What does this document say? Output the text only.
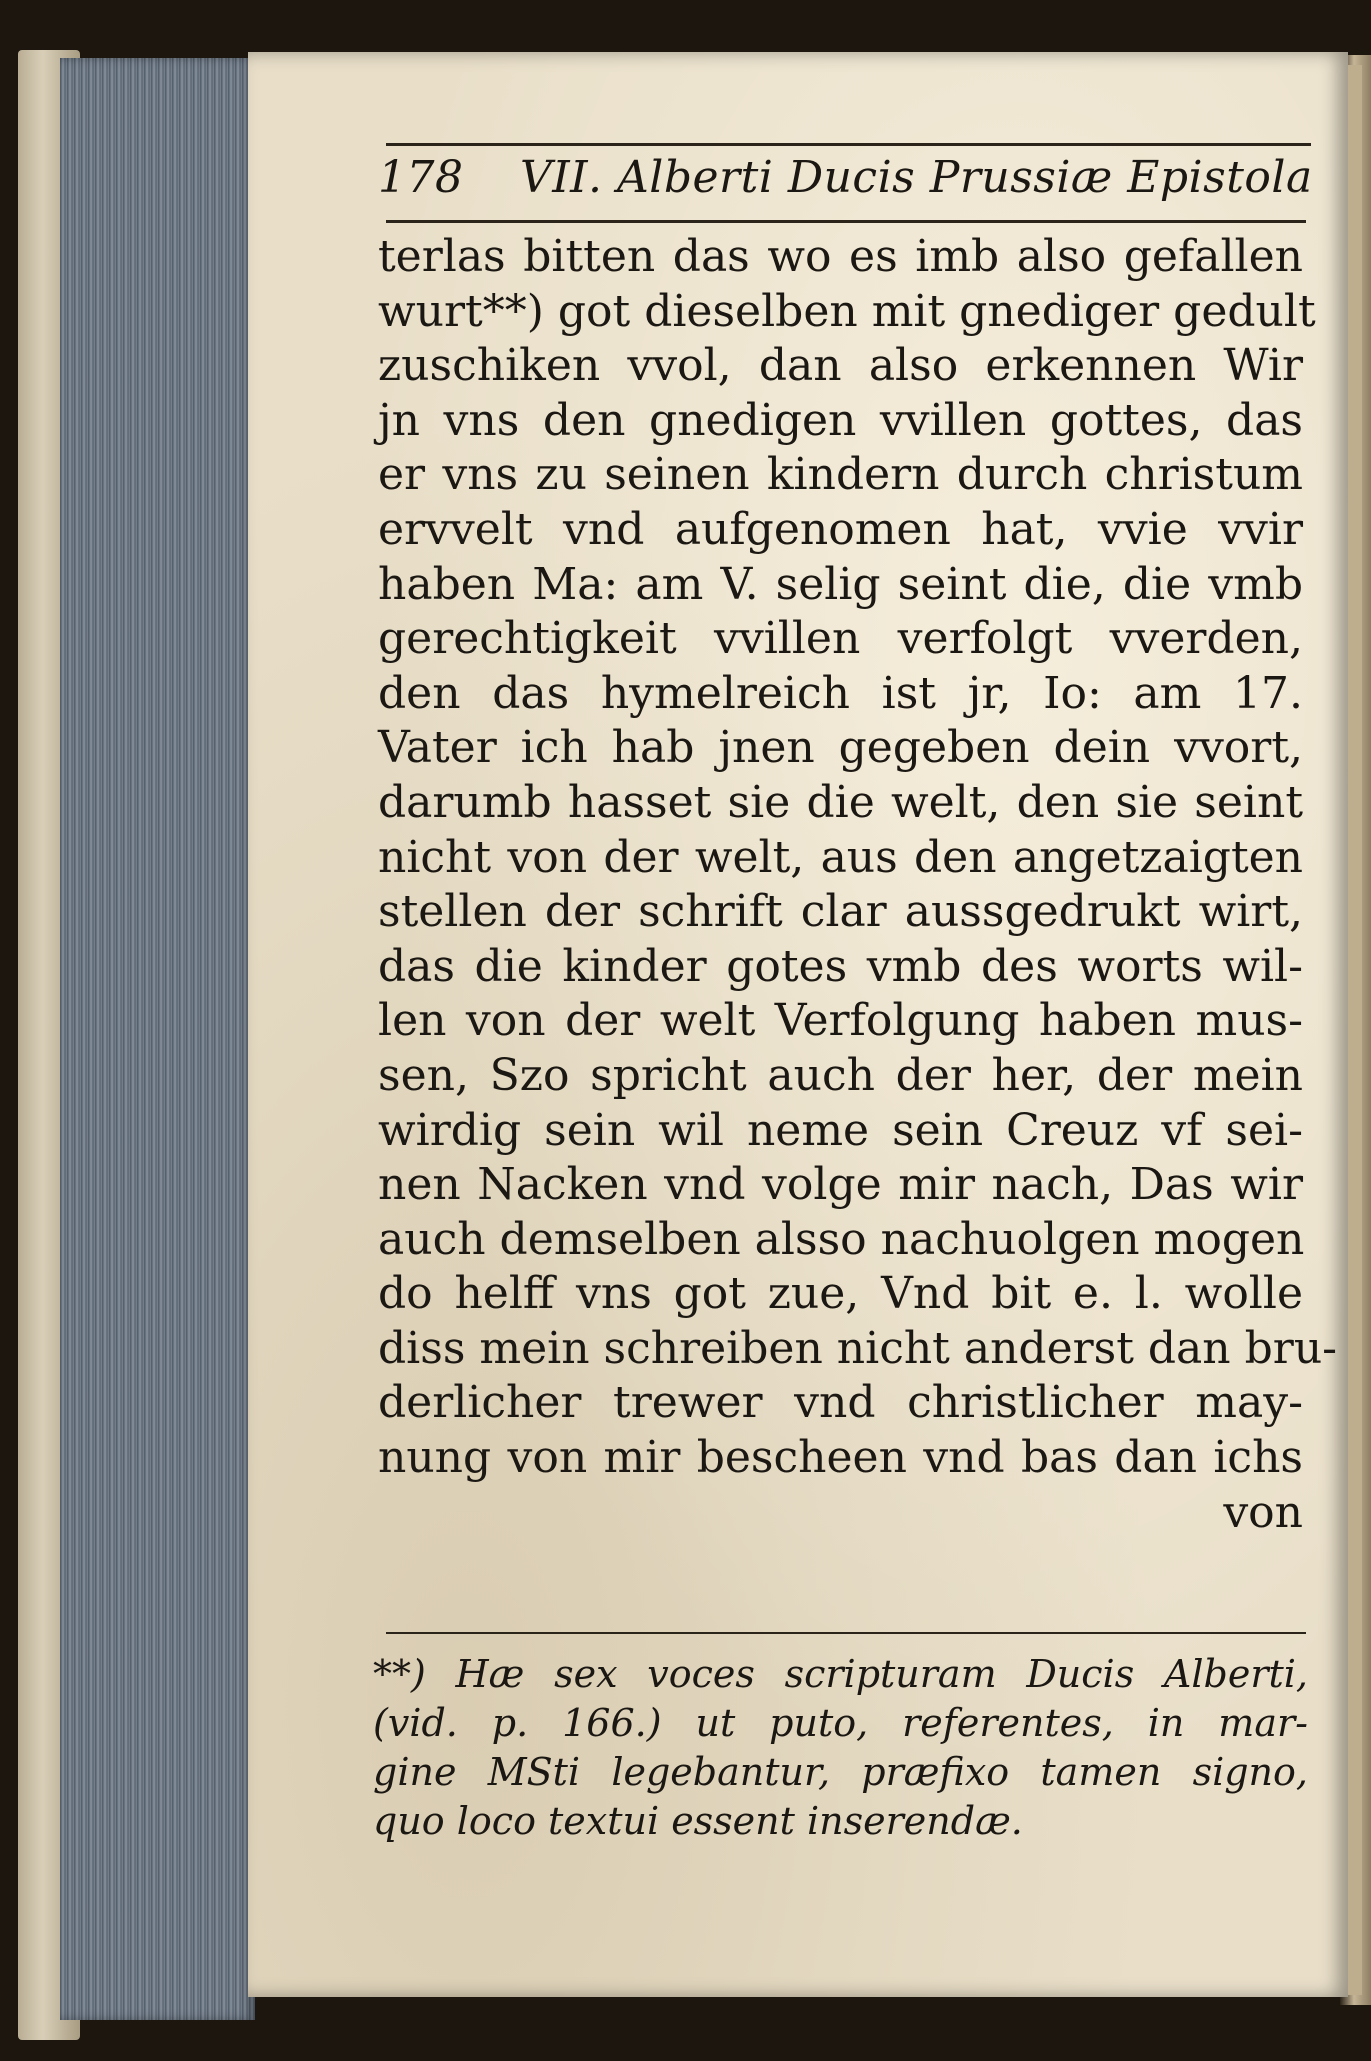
178 VII. Alberti Ducis Prussiæ Epistola
terlas bitten das wo es imb also gefallen
wurt**) got dieselben mit gnediger gedult
zuschiken vvol, dan also erkennen Wir
jn vns den gnedigen vvillen gottes, das
er vns zu seinen kindern durch christum
ervvelt vnd aufgenomen hat, vvie vvir
haben Ma: am V. selig seint die, die vmb
gerechtigkeit vvillen verfolgt vverden,
den das hymelreich ist jr, Io: am 17.
Vater ich hab jnen gegeben dein vvort,
darumb hasset sie die welt, den sie seint
nicht von der welt, aus den angetzaigten
stellen der schrift clar aussgedrukt wirt,
das die kinder gotes vmb des worts wil-
len von der welt Verfolgung haben mus-
sen, Szo spricht auch der her, der mein
wirdig sein wil neme sein Creuz vf sei-
nen Nacken vnd volge mir nach, Das wir
auch demselben alsso nachuolgen mogen
do helff vns got zue, Vnd bit e. l. wolle
diss mein schreiben nicht anderst dan bru-
derlicher trewer vnd christlicher may-
nung von mir bescheen vnd bas dan ichs
von
**) Hæ sex voces scripturam Ducis Alberti,
(vid. p. 166.) ut puto, referentes, in mar-
gine MSti legebantur, præfixo tamen signo,
quo loco textui essent inserendæ.
